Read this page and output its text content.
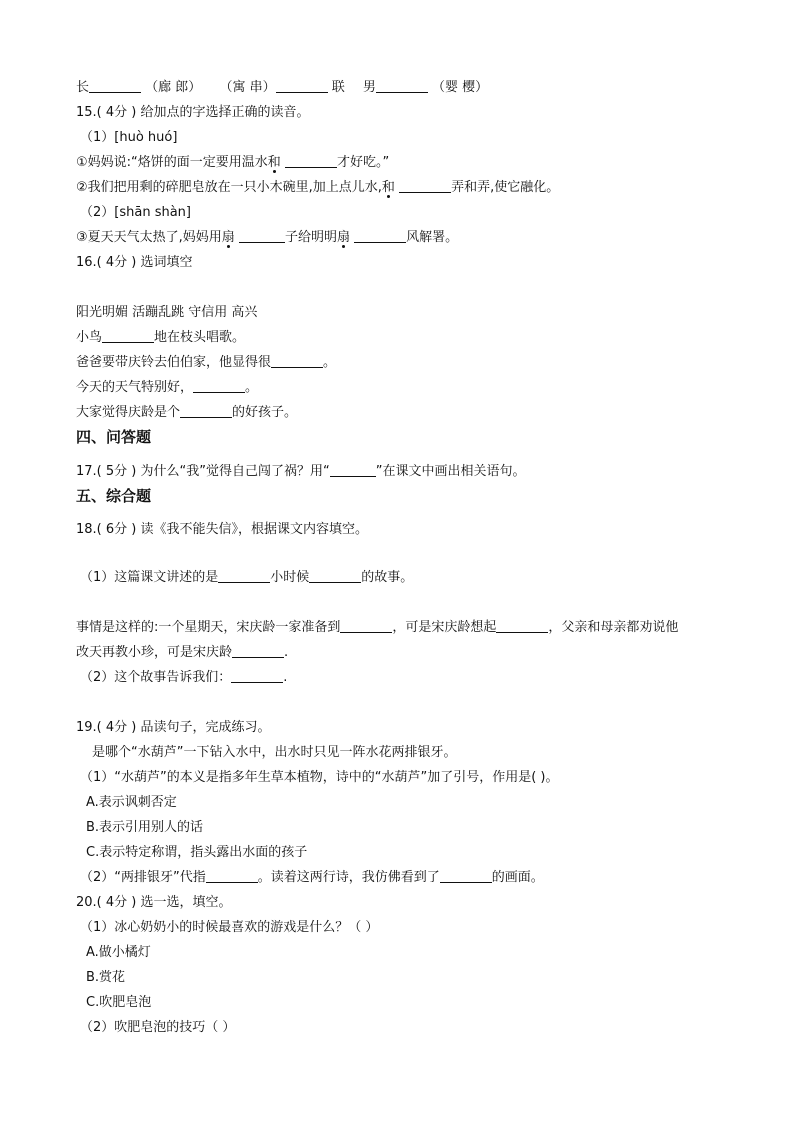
长	（廊 郎） （寓 串）	联 男	（婴 樱）
15.( 4分 ) 给加点的字选择正确的读音。
（1）[huò huó]
①妈妈说:“烙饼的面一定要用温水和	才好吃。”
②我们把用剩的碎肥皂放在一只小木碗里,加上点儿水,和	弄和弄,使它融化。
（2）[shān shàn]
③夏天天气太热了,妈妈用扇	子给明明扇	风解署。
16.( 4分 ) 选词填空
阳光明媚 活蹦乱跳 守信用 高兴
小鸟	地在枝头唱歌。
爸爸要带庆铃去伯伯家，他显得很	。
今天的天气特别好，	。
大家觉得庆龄是个	的好孩子。
四、问答题
17.( 5分 ) 为什么“我”觉得自己闯了祸？用“	”在课文中画出相关语句。
五、综合题
18.( 6分 ) 读《我不能失信》，根据课文内容填空。
（1）这篇课文讲述的是	小时候	的故事。
事情是这样的:一个星期天，宋庆龄一家准备到	，可是宋庆龄想起	，父亲和母亲都劝说他
改天再教小珍，可是宋庆龄	.
（2）这个故事告诉我们：	.
19.( 4分 ) 品读句子，完成练习。
是哪个“水葫芦”一下钻入水中，出水时只见一阵水花两排银牙。
（1）“水葫芦”的本义是指多年生草本植物，诗中的“水葫芦”加了引号，作用是( )。
A.表示讽刺否定
B.表示引用别人的话
C.表示特定称谓，指头露出水面的孩子
（2）“两排银牙”代指	。读着这两行诗，我仿佛看到了	的画面。
20.( 4分 ) 选一选，填空。
（1）冰心奶奶小的时候最喜欢的游戏是什么？（ ）
A.做小橘灯
B.赏花
C.吹肥皂泡
（2）吹肥皂泡的技巧（ ）
